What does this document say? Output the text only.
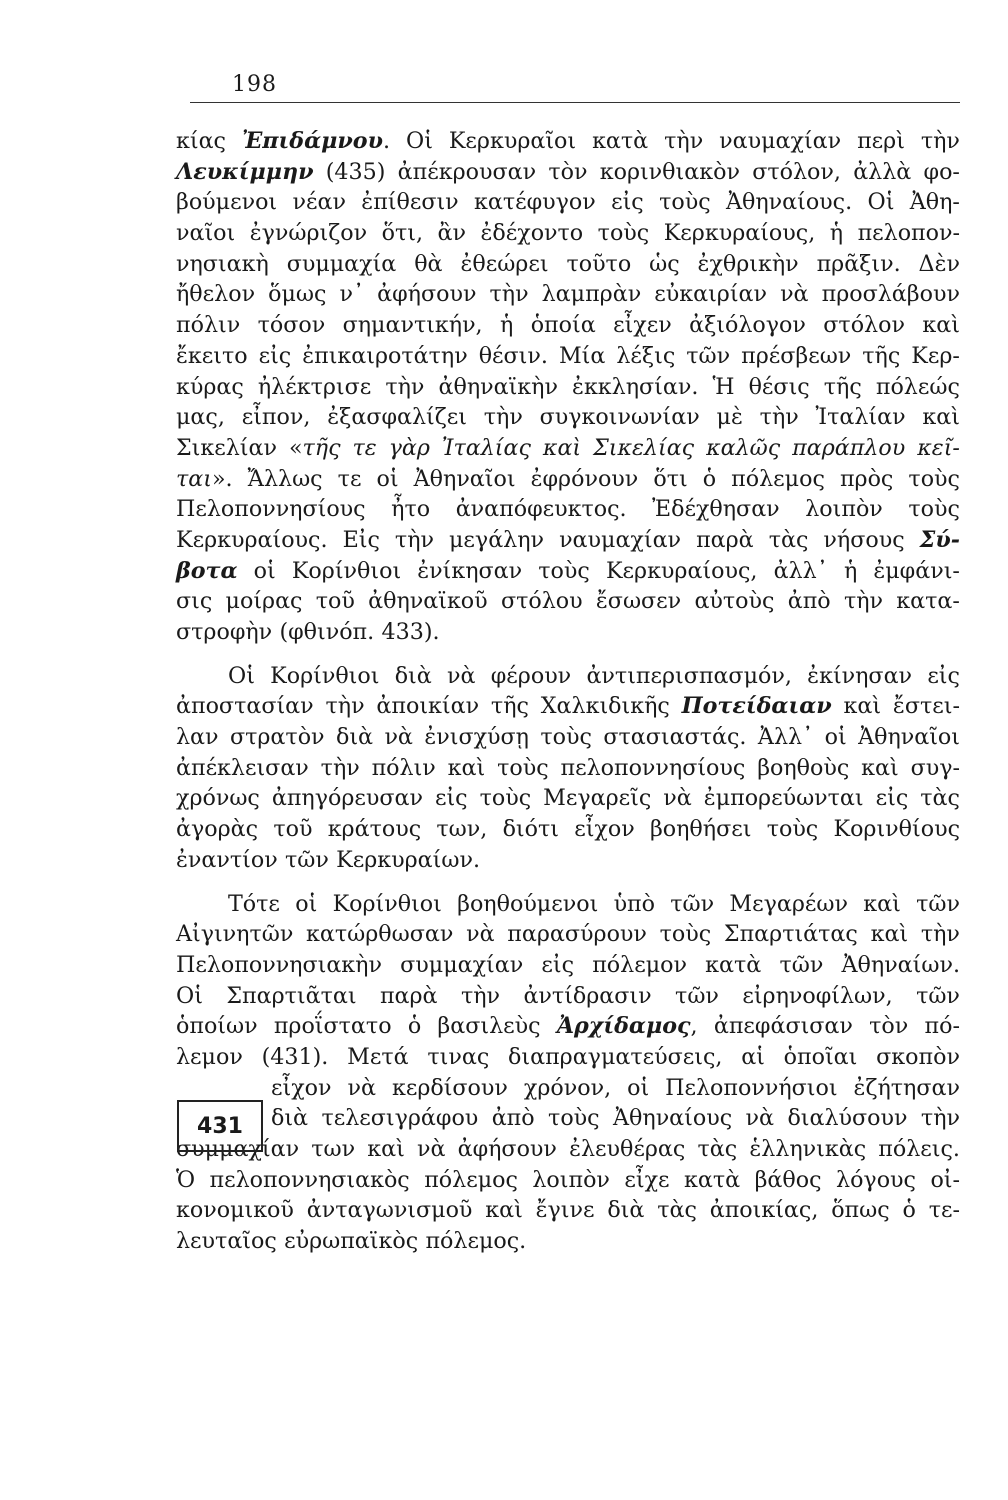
198
κίας Ἐπιδάμνου. Οἱ Κερκυραῖοι κατὰ τὴν ναυμαχίαν περὶ τὴν
Λευκίμμην (435) ἀπέκρουσαν τὸν κορινθιακὸν στόλον, ἀλλὰ φο-
βούμενοι νέαν ἐπίθεσιν κατέφυγον εἰς τοὺς Ἀθηναίους. Οἱ Ἀθη-
ναῖοι ἐγνώριζον ὅτι, ἂν ἐδέχοντο τοὺς Κερκυραίους, ἡ πελοπον-
νησιακὴ συμμαχία θὰ ἐθεώρει τοῦτο ὡς ἐχθρικὴν πρᾶξιν. Δὲν
ἤθελον ὅμως ν᾿ ἀφήσουν τὴν λαμπρὰν εὐκαιρίαν νὰ προσλάβουν
πόλιν τόσον σημαντικήν, ἡ ὁποία εἶχεν ἀξιόλογον στόλον καὶ
ἔκειτο εἰς ἐπικαιροτάτην θέσιν. Μία λέξις τῶν πρέσβεων τῆς Κερ-
κύρας ἠλέκτρισε τὴν ἀθηναϊκὴν ἐκκλησίαν. Ἡ θέσις τῆς πόλεώς
μας, εἶπον, ἐξασφαλίζει τὴν συγκοινωνίαν μὲ τὴν Ἰταλίαν καὶ
Σικελίαν «τῆς τε γὰρ Ἰταλίας καὶ Σικελίας καλῶς παράπλου κεῖ-
ται». Ἄλλως τε οἱ Ἀθηναῖοι ἐφρόνουν ὅτι ὁ πόλεμος πρὸς τοὺς
Πελοποννησίους ἦτο ἀναπόφευκτος. Ἐδέχθησαν λοιπὸν τοὺς
Κερκυραίους. Εἰς τὴν μεγάλην ναυμαχίαν παρὰ τὰς νήσους Σύ-
βοτα οἱ Κορίνθιοι ἐνίκησαν τοὺς Κερκυραίους, ἀλλ᾿ ἡ ἐμφάνι-
σις μοίρας τοῦ ἀθηναϊκοῦ στόλου ἔσωσεν αὐτοὺς ἀπὸ τὴν κατα-
στροφὴν (φθινόπ. 433).
Οἱ Κορίνθιοι διὰ νὰ φέρουν ἀντιπερισπασμόν, ἐκίνησαν εἰς
ἀποστασίαν τὴν ἀποικίαν τῆς Χαλκιδικῆς Ποτείδαιαν καὶ ἔστει-
λαν στρατὸν διὰ νὰ ἐνισχύσῃ τοὺς στασιαστάς. Ἀλλ᾿ οἱ Ἀθηναῖοι
ἀπέκλεισαν τὴν πόλιν καὶ τοὺς πελοποννησίους βοηθοὺς καὶ συγ-
χρόνως ἀπηγόρευσαν εἰς τοὺς Μεγαρεῖς νὰ ἐμπορεύωνται εἰς τὰς
ἀγορὰς τοῦ κράτους των, διότι εἶχον βοηθήσει τοὺς Κορινθίους
ἐναντίον τῶν Κερκυραίων.
Τότε οἱ Κορίνθιοι βοηθούμενοι ὑπὸ τῶν Μεγαρέων καὶ τῶν
Αἰγινητῶν κατώρθωσαν νὰ παρασύρουν τοὺς Σπαρτιάτας καὶ τὴν
Πελοποννησιακὴν συμμαχίαν εἰς πόλεμον κατὰ τῶν Ἀθηναίων.
Οἱ Σπαρτιᾶται παρὰ τὴν ἀντίδρασιν τῶν εἰρηνοφίλων, τῶν
ὁποίων προΐστατο ὁ βασιλεὺς Ἀρχίδαμος, ἀπεφάσισαν τὸν πό-
λεμον (431). Μετά τινας διαπραγματεύσεις, αἱ ὁποῖαι σκοπὸν
εἶχον νὰ κερδίσουν χρόνον, οἱ Πελοποννήσιοι ἐζήτησαν
διὰ τελεσιγράφου ἀπὸ τοὺς Ἀθηναίους νὰ διαλύσουν τὴν
συμμαχίαν των καὶ νὰ ἀφήσουν ἐλευθέρας τὰς ἑλληνικὰς πόλεις.
Ὁ πελοποννησιακὸς πόλεμος λοιπὸν εἶχε κατὰ βάθος λόγους οἰ-
κονομικοῦ ἀνταγωνισμοῦ καὶ ἔγινε διὰ τὰς ἀποικίας, ὅπως ὁ τε-
λευταῖος εὐρωπαϊκὸς πόλεμος.
431
